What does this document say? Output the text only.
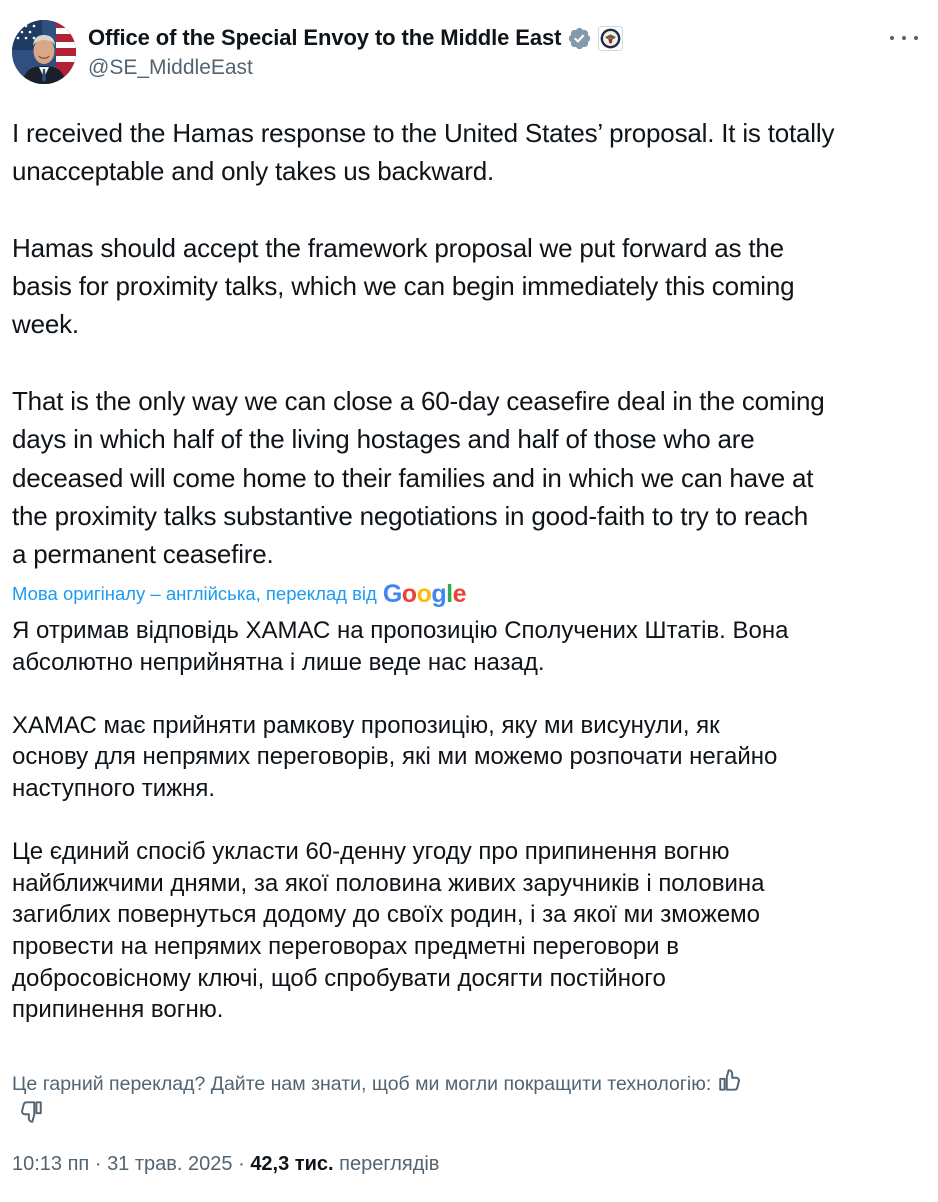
Office of the Special Envoy to the Middle East
@SE_MiddleEast

I received the Hamas response to the United States’ proposal. It is totally
unacceptable and only takes us backward.

Hamas should accept the framework proposal we put forward as the
basis for proximity talks, which we can begin immediately this coming
week.

That is the only way we can close a 60-day ceasefire deal in the coming
days in which half of the living hostages and half of those who are
deceased will come home to their families and in which we can have at
the proximity talks substantive negotiations in good-faith to try to reach
a permanent ceasefire.

Мова оригіналу – англійська, переклад від Google

Я отримав відповідь ХАМАС на пропозицію Сполучених Штатів. Вона
абсолютно неприйнятна і лише веде нас назад.

ХАМАС має прийняти рамкову пропозицію, яку ми висунули, як
основу для непрямих переговорів, які ми можемо розпочати негайно
наступного тижня.

Це єдиний спосіб укласти 60-денну угоду про припинення вогню
найближчими днями, за якої половина живих заручників і половина
загиблих повернуться додому до своїх родин, і за якої ми зможемо
провести на непрямих переговорах предметні переговори в
добросовісному ключі, щоб спробувати досягти постійного
припинення вогню.

Це гарний переклад? Дайте нам знати, щоб ми могли покращити технологію:

10:13 пп · 31 трав. 2025 · 42,3 тис. переглядів
